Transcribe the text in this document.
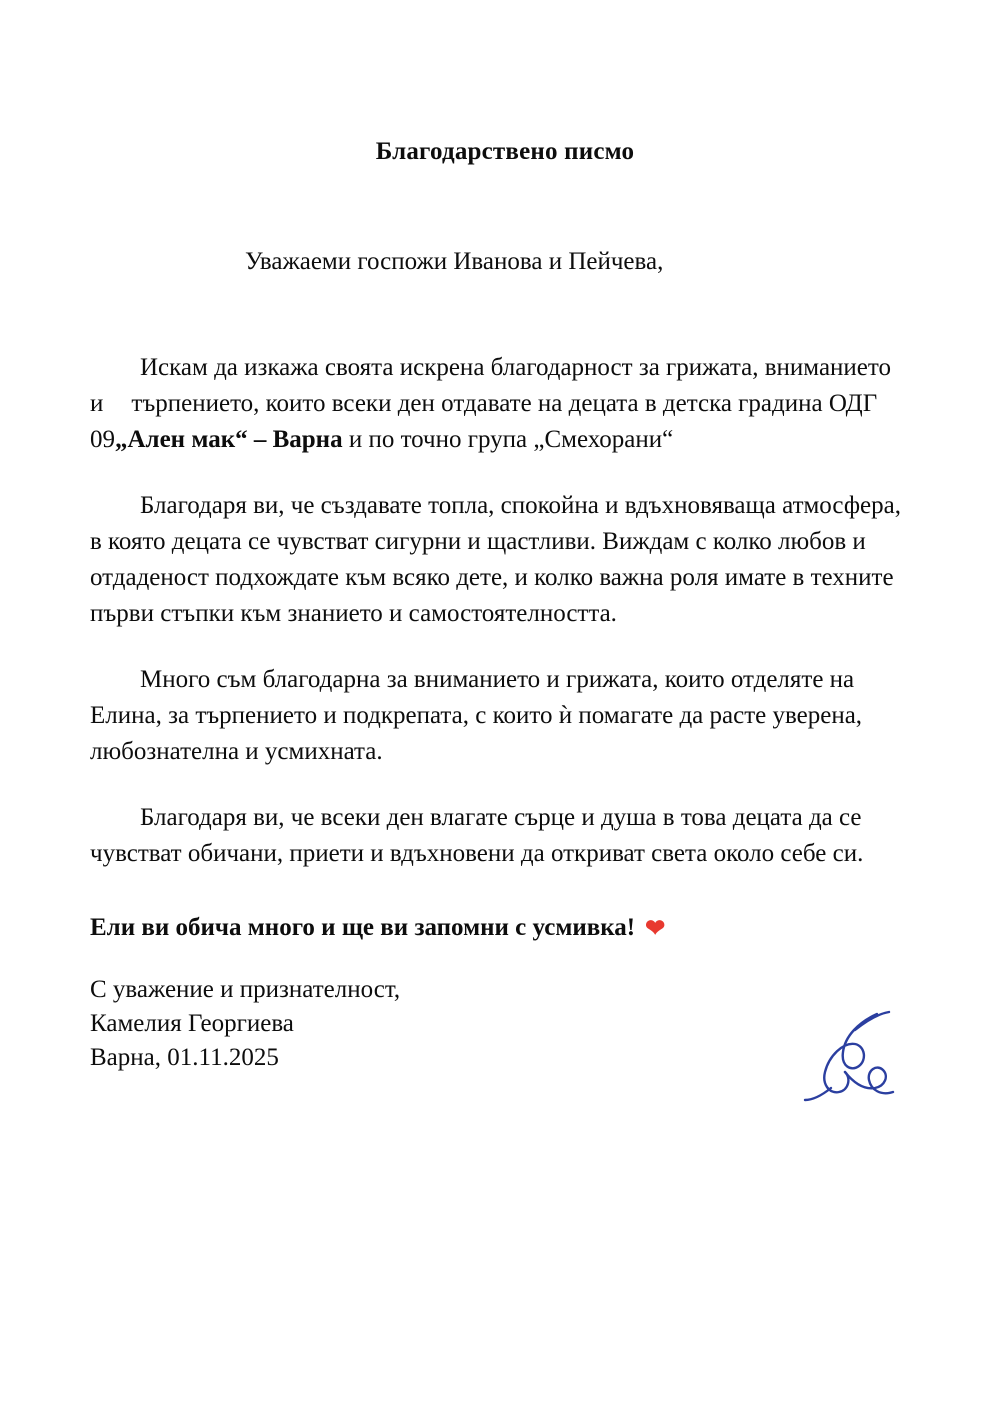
Благодарствено писмо
Уважаеми госпожи Иванова и Пейчева,
Искам да изкажа своята искрена благодарност за грижата, вниманието и търпението, които всеки ден отдавате на децата в детска градина ОДГ 09„Ален мак“ – Варна и по точно група „Смехорани“
Благодаря ви, че създавате топла, спокойна и вдъхновяваща атмосфера, в която децата се чувстват сигурни и щастливи. Виждам с колко любов и отдаденост подхождате към всяко дете, и колко важна роля имате в техните първи стъпки към знанието и самостоятелността.
Много съм благодарна за вниманието и грижата, които отделяте на Елина, за търпението и подкрепата, с които ѝ помагате да расте уверена, любознателна и усмихната.
Благодаря ви, че всеки ден влагате сърце и душа в това децата да се чувстват обичани, приети и вдъхновени да откриват света около себе си.
Ели ви обича много и ще ви запомни с усмивка! ❤
С уважение и признателност,
Камелия Георгиева
Варна, 01.11.2025
